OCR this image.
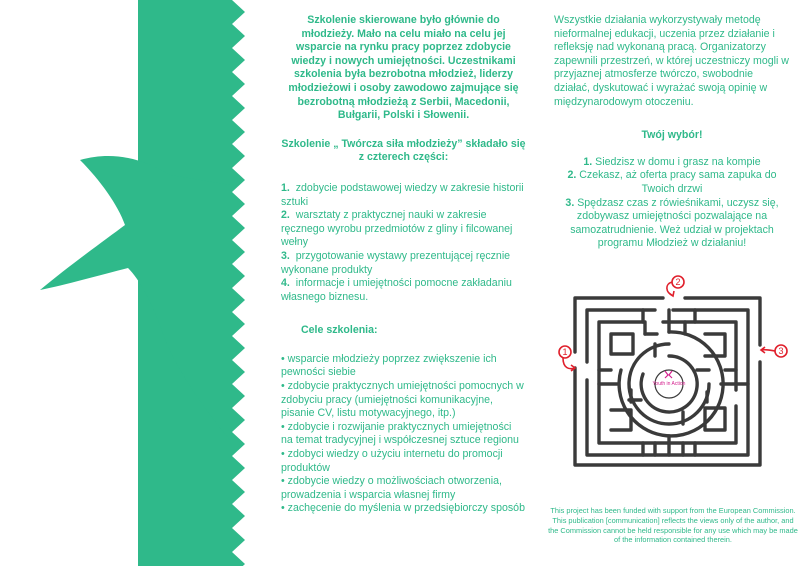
Szkolenie skierowane było głównie do młodzieży. Mało na celu miało na celu jej wsparcie na rynku pracy poprzez zdobycie wiedzy i nowych umiejętności. Uczestnikami szkolenia była bezrobotna młodzież, liderzy młodzieżowi i osoby zawodowo zajmujące się bezrobotną młodzieżą z Serbii, Macedonii, Bułgarii, Polski i Słowenii.
Szkolenie „ Twórcza siła młodzieży” składało się z czterech części:
1. zdobycie podstawowej wiedzy w zakresie historii sztuki
2. warsztaty z praktycznej nauki w zakresie ręcznego wyrobu przedmiotów z gliny i filcowanej wełny
3. przygotowanie wystawy prezentującej ręcznie wykonane produkty
4. informacje i umiejętności pomocne zakładaniu własnego biznesu.
Cele szkolenia:
• wsparcie młodzieży poprzez zwiększenie ich pewności siebie
• zdobycie praktycznych umiejętności pomocnych w zdobyciu pracy (umiejętności komunikacyjne, pisanie CV, listu motywacyjnego, itp.)
• zdobycie i rozwijanie praktycznych umiejętności na temat tradycyjnej i współczesnej sztuce regionu
• zdobyci wiedzy o użyciu internetu do promocji produktów
• zdobycie wiedzy o możliwościach otworzenia, prowadzenia i wsparcia własnej firmy
• zachęcenie do myślenia w przedsiębiorczy sposób
Wszystkie działania wykorzystywały metodę nieformalnej edukacji, uczenia przez działanie i refleksję nad wykonaną pracą. Organizatorzy zapewnili przestrzeń, w której uczestniczy mogli w przyjaznej atmosferze twórczo, swobodnie działać, dyskutować i wyrażać swoją opinię w międzynarodowym otoczeniu.
Twój wybór!
1. Siedzisz w domu i grasz na kompie
2. Czekasz, aż oferta pracy sama zapuka do Twoich drzwi
3. Spędzasz czas z rówieśnikami, uczysz się, zdobywasz umiejętności pozwalające na samozatrudnienie. Weż udział w projektach programu Młodzież w działaniu!
1
2
3
Youth in Action
This project has been funded with support from the European Commission. This publication [communication] reflects the views only of the author, and the Commission cannot be held responsible for any use which may be made of the information contained therein.
